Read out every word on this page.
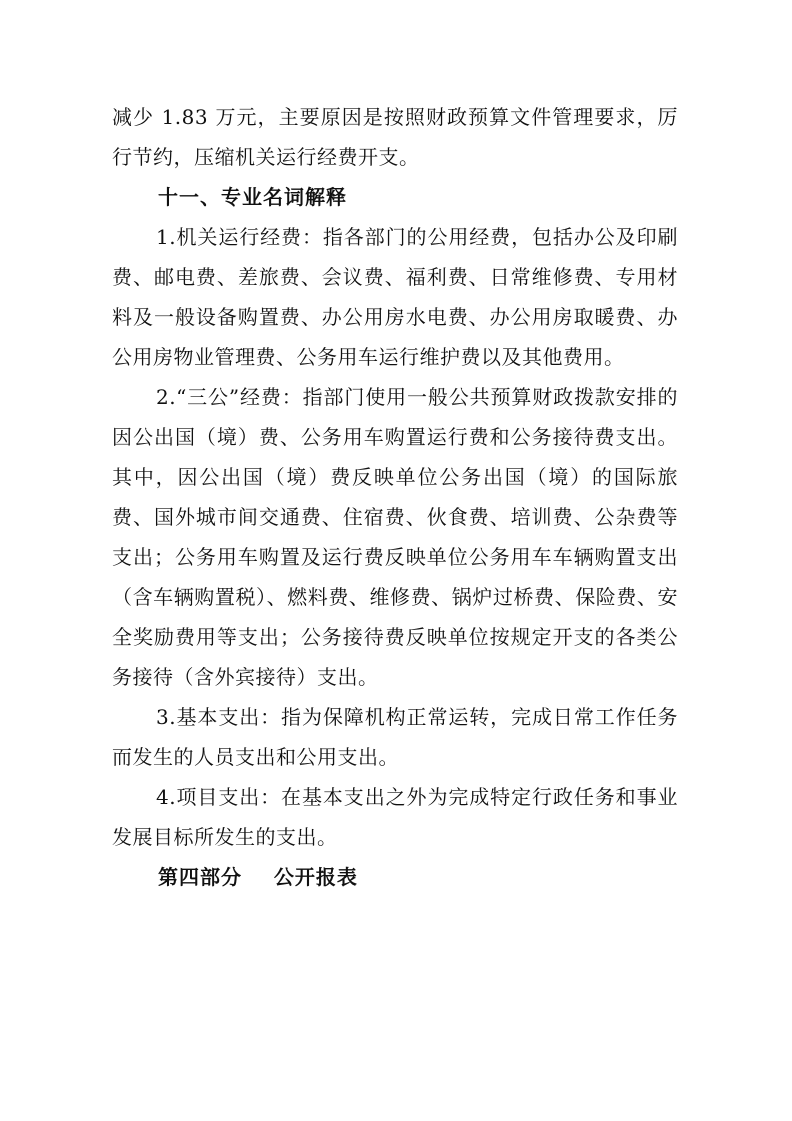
减少 1.83 万元，主要原因是按照财政预算文件管理要求，厉行节约，压缩机关运行经费开支。

十一、专业名词解释

1.机关运行经费：指各部门的公用经费，包括办公及印刷费、邮电费、差旅费、会议费、福利费、日常维修费、专用材料及一般设备购置费、办公用房水电费、办公用房取暖费、办公用房物业管理费、公务用车运行维护费以及其他费用。

2.“三公”经费：指部门使用一般公共预算财政拨款安排的因公出国（境）费、公务用车购置运行费和公务接待费支出。其中，因公出国（境）费反映单位公务出国（境）的国际旅费、国外城市间交通费、住宿费、伙食费、培训费、公杂费等支出；公务用车购置及运行费反映单位公务用车车辆购置支出（含车辆购置税）、燃料费、维修费、锅炉过桥费、保险费、安全奖励费用等支出；公务接待费反映单位按规定开支的各类公务接待（含外宾接待）支出。

3.基本支出：指为保障机构正常运转，完成日常工作任务而发生的人员支出和公用支出。

4.项目支出：在基本支出之外为完成特定行政任务和事业发展目标所发生的支出。

第四部分    公开报表
